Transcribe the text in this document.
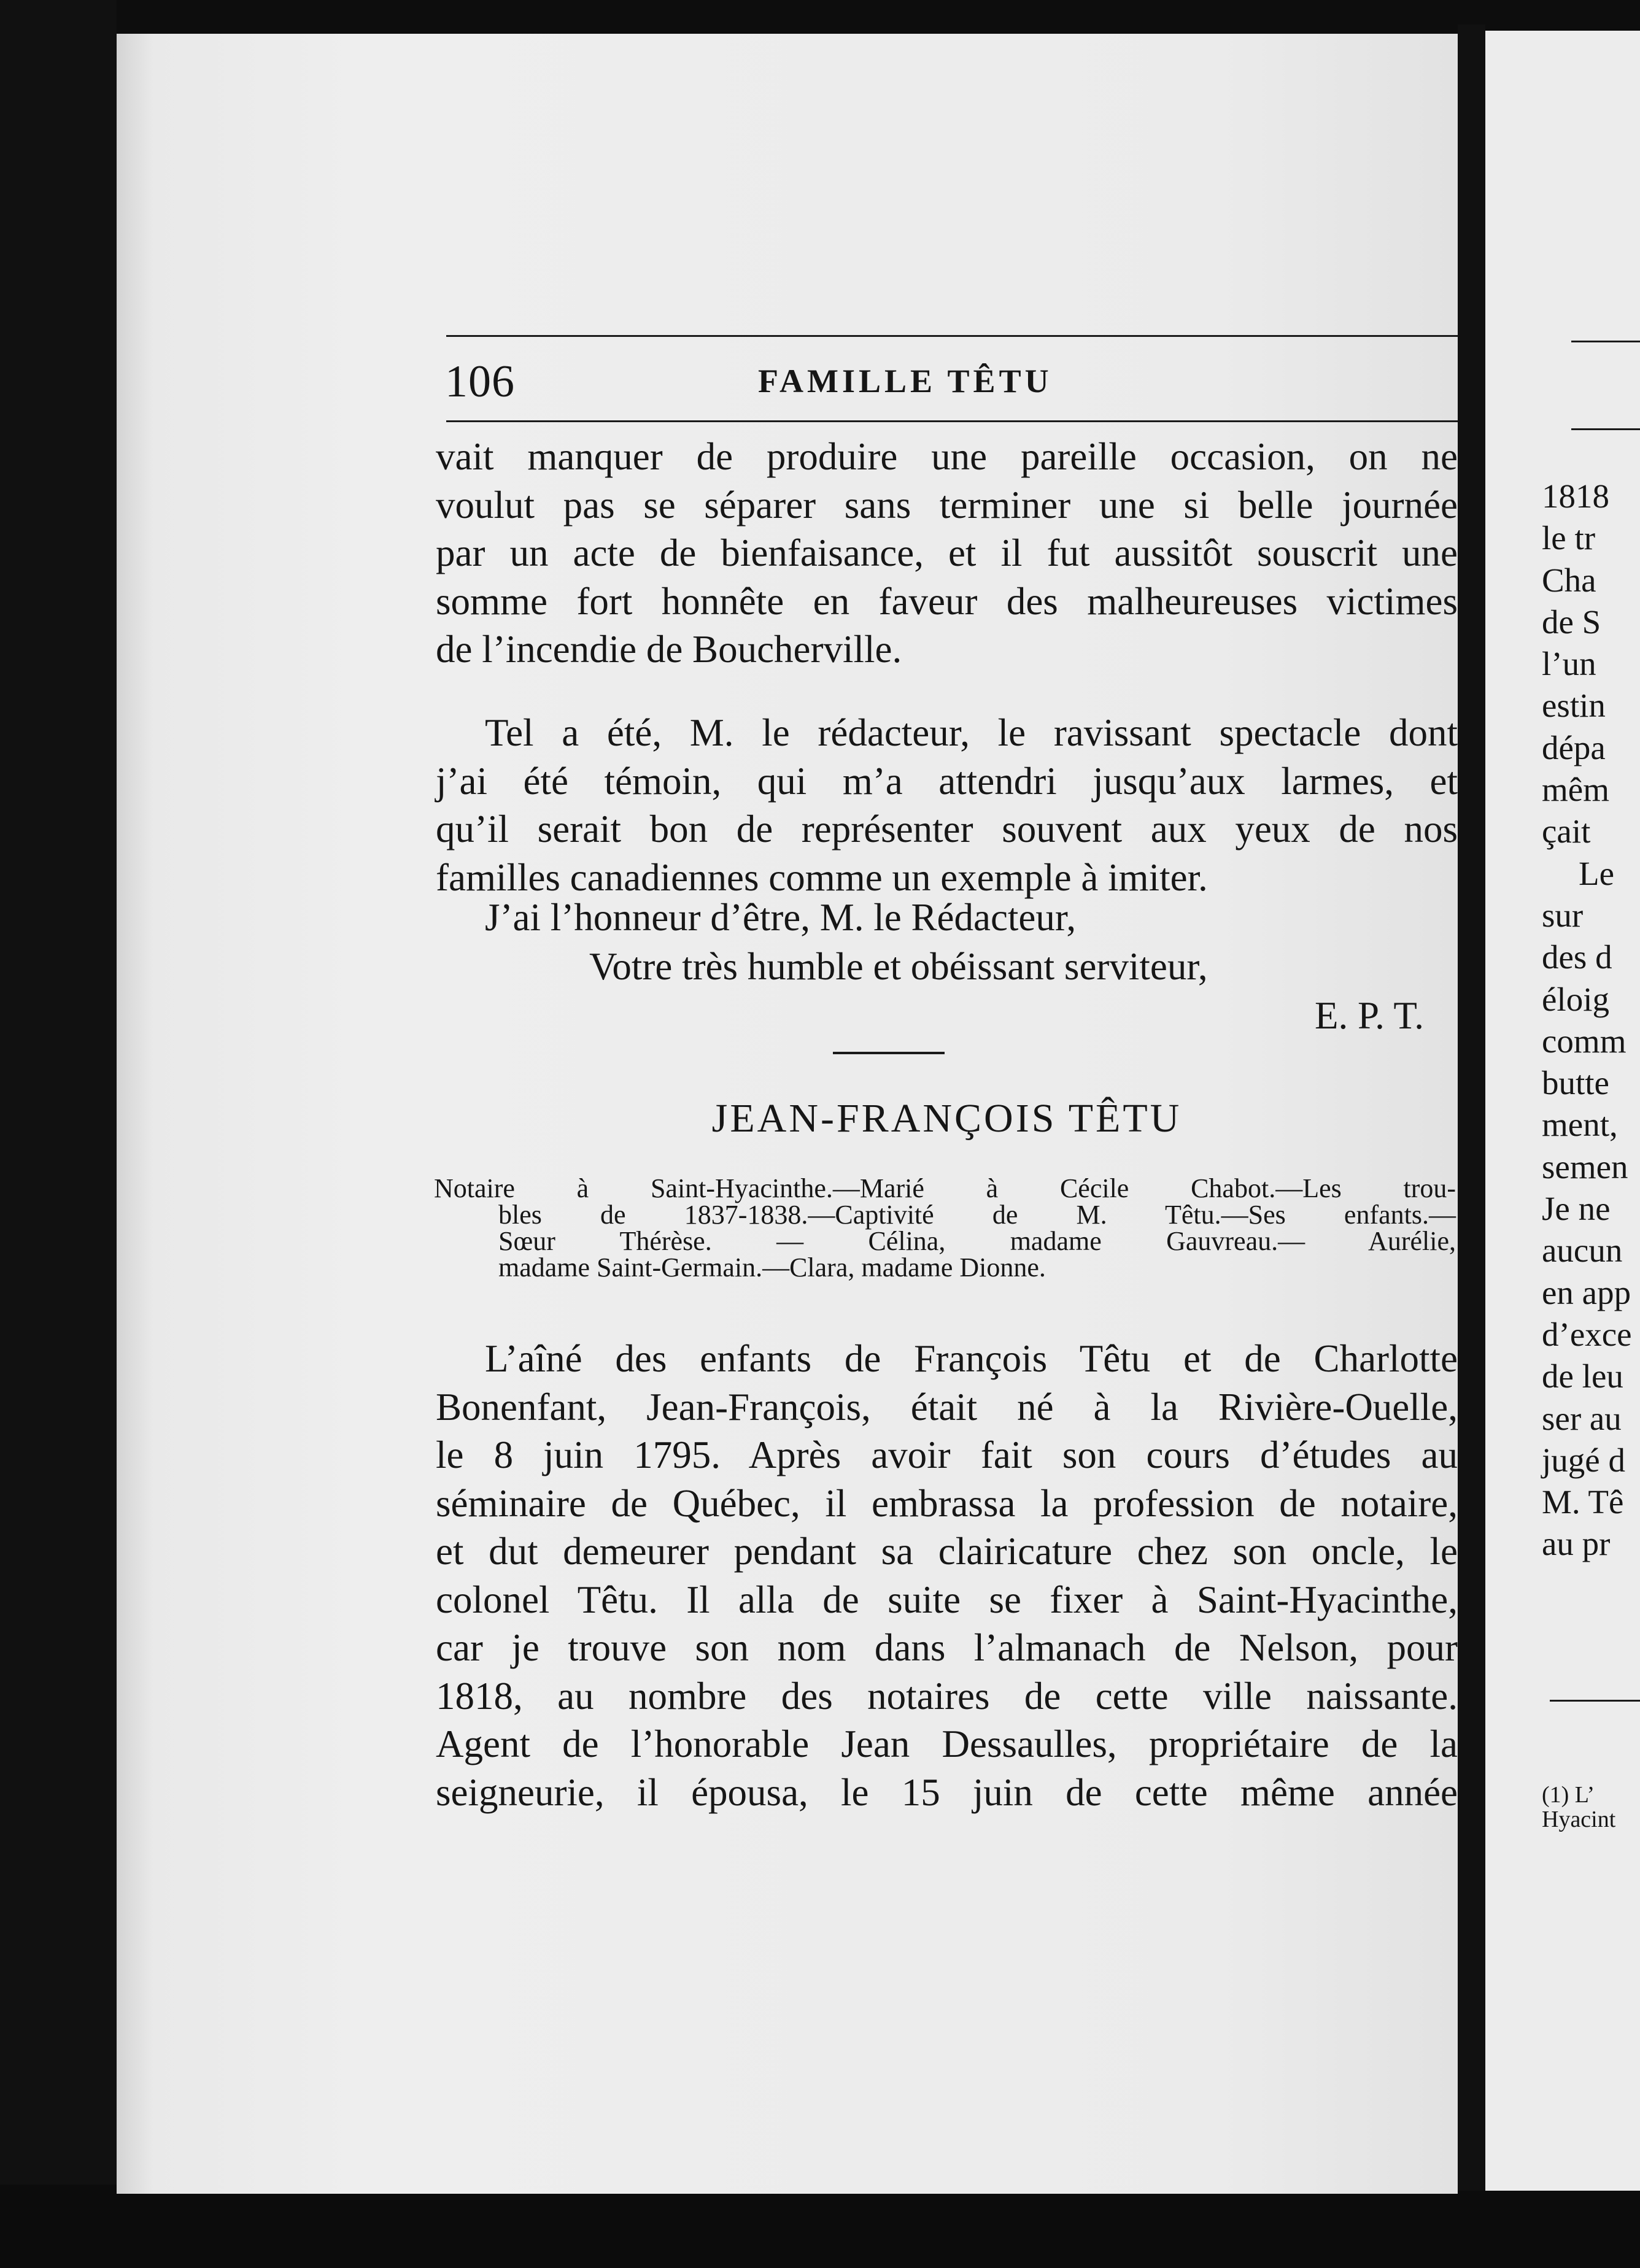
106	FAMILLE TÊTU

vait manquer de produire une pareille occasion, on ne

voulut pas se séparer sans terminer une si belle journée

par un acte de bienfaisance, et il fut aussitôt souscrit une

somme fort honnête en faveur des malheureuses victimes

de l’incendie de Boucherville.

Tel a été, M. le rédacteur, le ravissant spectacle dont

j’ai été témoin, qui m’a attendri jusqu’aux larmes, et

qu’il serait bon de représenter souvent aux yeux de nos

familles canadiennes comme un exemple à imiter.

J’ai l’honneur d’être, M. le Rédacteur,
Votre très humble et obéissant serviteur,
E. P. T.
JEAN-FRANÇOIS TÊTU

Notaire à Saint-Hyacinthe.—Marié à Cécile Chabot.—Les trou-

bles de 1837-1838.—Captivité de M. Têtu.—Ses enfants.—

Sœur Thérèse. — Célina, madame Gauvreau.— Aurélie,

madame Saint-Germain.—Clara, madame Dionne.

L’aîné des enfants de François Têtu et de Charlotte

Bonenfant, Jean-François, était né à la Rivière-Ouelle,

le 8 juin 1795. Après avoir fait son cours d’études au

séminaire de Québec, il embrassa la profession de notaire,

et dut demeurer pendant sa clairicature chez son oncle, le

colonel Têtu. Il alla de suite se fixer à Saint-Hyacinthe,

car je trouve son nom dans l’almanach de Nelson, pour

1818, au nombre des notaires de cette ville naissante.

Agent de l’honorable Jean Dessaulles, propriétaire de la

seigneurie, il épousa, le 15 juin de cette même année

1818
le tr
Cha
de S
l’un
estin
dépa
mêm
çait
Le
sur
des d
éloig
comm
butte
ment,
semen
Je ne
aucun
en app
d’exce
de leu
ser au
jugé d
M. Tê
au pr
(1) L’
Hyacint
